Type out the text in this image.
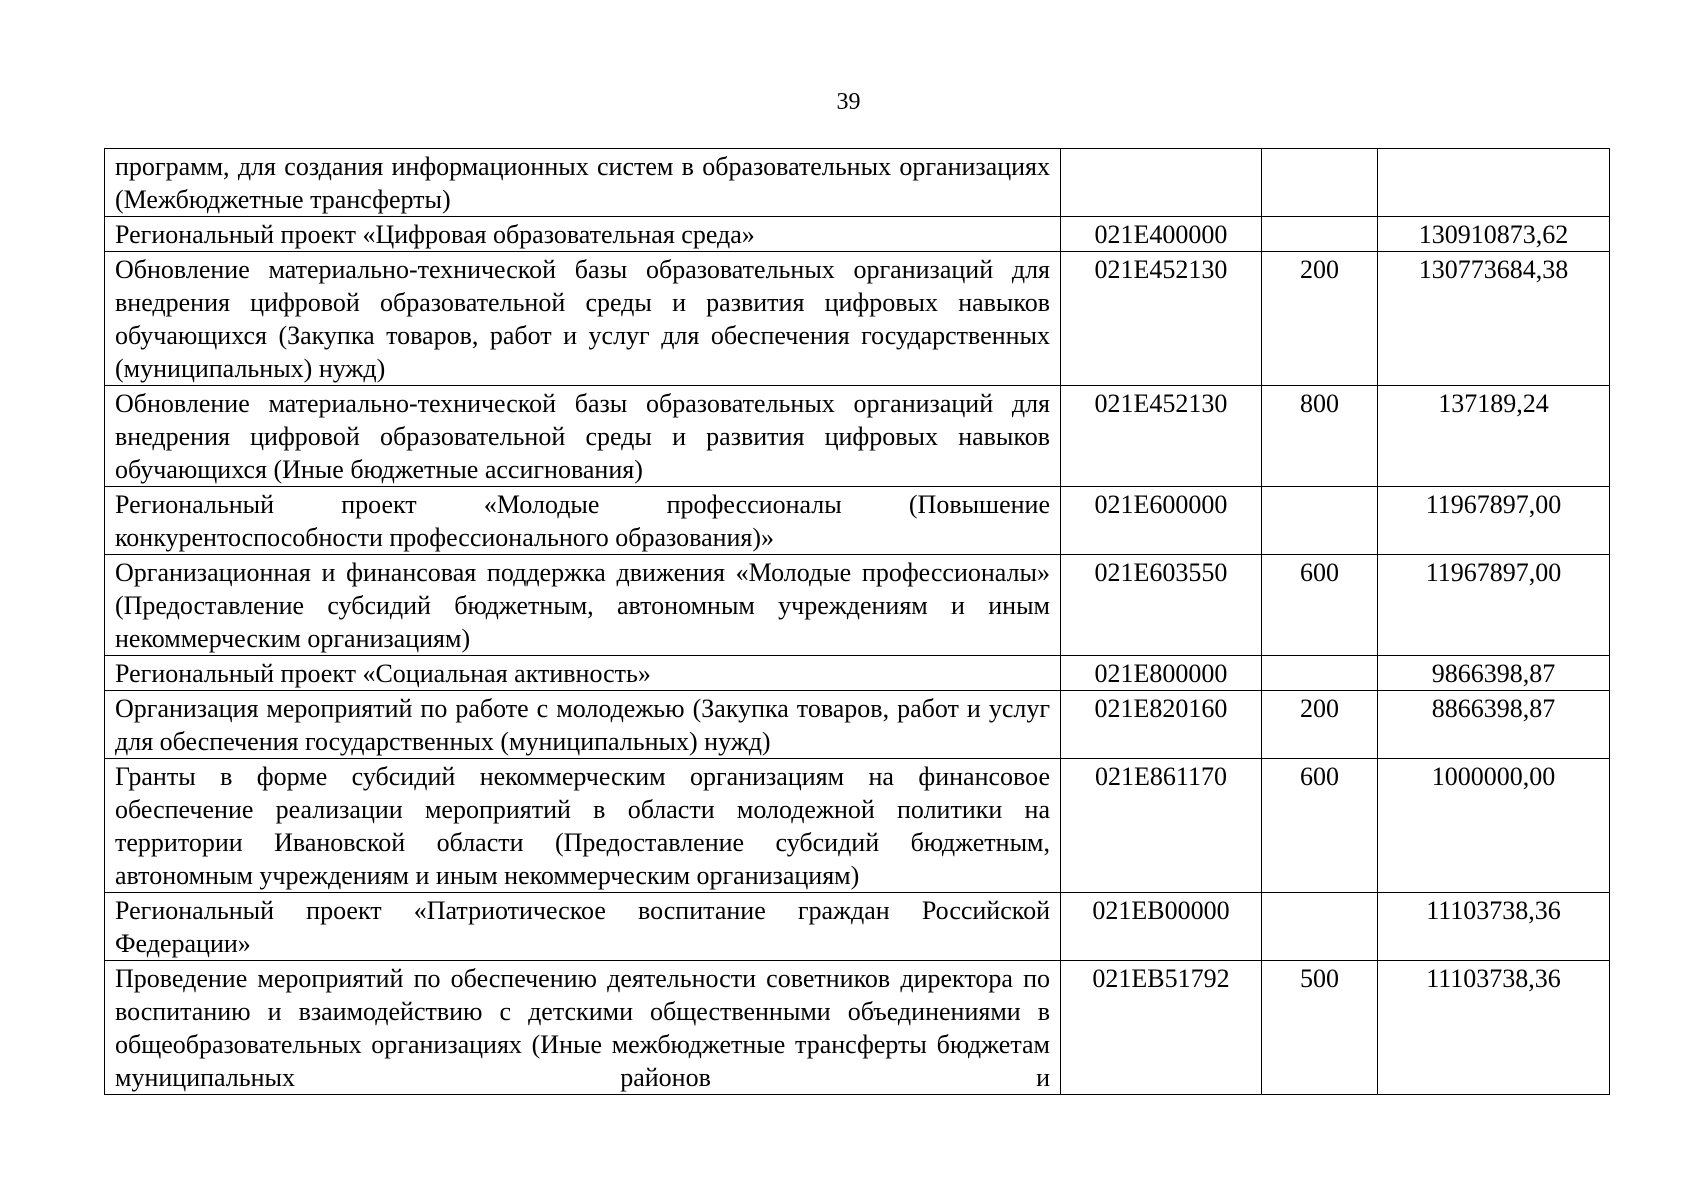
39
программ, для создания информационных систем в образовательных организациях (Межбюджетные трансферты)			
Региональный проект «Цифровая образовательная среда»	021E400000		130910873,62
Обновление материально-технической базы образовательных организаций для внедрения цифровой образовательной среды и развития цифровых навыков обучающихся (Закупка товаров, работ и услуг для обеспечения государственных (муниципальных) нужд)	021E452130	200	130773684,38
Обновление материально-технической базы образовательных организаций для внедрения цифровой образовательной среды и развития цифровых навыков обучающихся (Иные бюджетные ассигнования)	021E452130	800	137189,24
Региональный проект «Молодые профессионалы (Повышение конкурентоспособности профессионального образования)»	021E600000		11967897,00
Организационная и финансовая поддержка движения «Молодые профессионалы» (Предоставление субсидий бюджетным, автономным учреждениям и иным некоммерческим организациям)	021E603550	600	11967897,00
Региональный проект «Социальная активность»	021E800000		9866398,87
Организация мероприятий по работе с молодежью (Закупка товаров, работ и услуг для обеспечения государственных (муниципальных) нужд)	021E820160	200	8866398,87
Гранты в форме субсидий некоммерческим организациям на финансовое обеспечение реализации мероприятий в области молодежной политики на территории Ивановской области (Предоставление субсидий бюджетным, автономным учреждениям и иным некоммерческим организациям)	021E861170	600	1000000,00
Региональный проект «Патриотическое воспитание граждан Российской Федерации»	021EB00000		11103738,36
Проведение мероприятий по обеспечению деятельности советников директора по воспитанию и взаимодействию с детскими общественными объединениями в общеобразовательных организациях (Иные межбюджетные трансферты бюджетам муниципальных районов и	021EB51792	500	11103738,36
